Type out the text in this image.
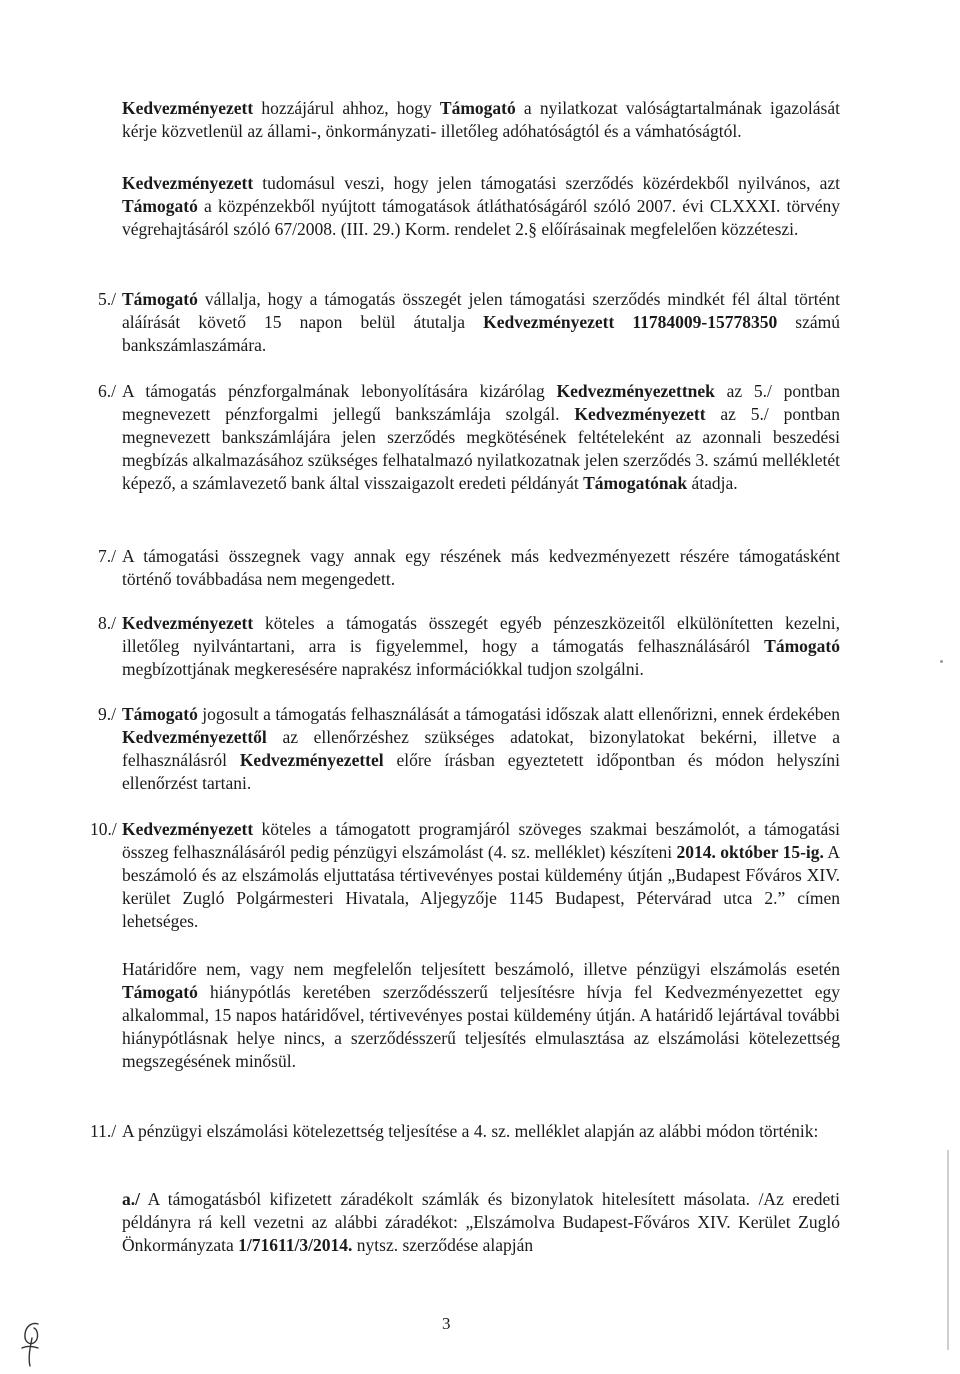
Kedvezményezett hozzájárul ahhoz, hogy Támogató a nyilatkozat valóságtartalmának igazolását kérje közvetlenül az állami-, önkormányzati- illetőleg adóhatóságtól és a vámhatóságtól.

Kedvezményezett tudomásul veszi, hogy jelen támogatási szerződés közérdekből nyilvános, azt Támogató a közpénzekből nyújtott támogatások átláthatóságáról szóló 2007. évi CLXXXI. törvény végrehajtásáról szóló 67/2008. (III. 29.) Korm. rendelet 2.§ előírásainak megfelelően közzéteszi.

5./ Támogató vállalja, hogy a támogatás összegét jelen támogatási szerződés mindkét fél által történt aláírását követő 15 napon belül átutalja Kedvezményezett 11784009-15778350 számú bankszámlaszámára.

6./ A támogatás pénzforgalmának lebonyolítására kizárólag Kedvezményezettnek az 5./ pontban megnevezett pénzforgalmi jellegű bankszámlája szolgál. Kedvezményezett az 5./ pontban megnevezett bankszámlájára jelen szerződés megkötésének feltételeként az azonnali beszedési megbízás alkalmazásához szükséges felhatalmazó nyilatkozatnak jelen szerződés 3. számú mellékletét képező, a számlavezető bank által visszaigazolt eredeti példányát Támogatónak átadja.

7./ A támogatási összegnek vagy annak egy részének más kedvezményezett részére támogatásként történő továbbadása nem megengedett.

8./ Kedvezményezett köteles a támogatás összegét egyéb pénzeszközeitől elkülönítetten kezelni, illetőleg nyilvántartani, arra is figyelemmel, hogy a támogatás felhasználásáról Támogató megbízottjának megkeresésére naprakész információkkal tudjon szolgálni.

9./ Támogató jogosult a támogatás felhasználását a támogatási időszak alatt ellenőrizni, ennek érdekében Kedvezményezettől az ellenőrzéshez szükséges adatokat, bizonylatokat bekérni, illetve a felhasználásról Kedvezményezettel előre írásban egyeztetett időpontban és módon helyszíni ellenőrzést tartani.

10./ Kedvezményezett köteles a támogatott programjáról szöveges szakmai beszámolót, a támogatási összeg felhasználásáról pedig pénzügyi elszámolást (4. sz. melléklet) készíteni 2014. október 15-ig. A beszámoló és az elszámolás eljuttatása tértivevényes postai küldemény útján „Budapest Főváros XIV. kerület Zugló Polgármesteri Hivatala, Aljegyzője 1145 Budapest, Pétervárad utca 2.” címen lehetséges.

Határidőre nem, vagy nem megfelelőn teljesített beszámoló, illetve pénzügyi elszámolás esetén Támogató hiánypótlás keretében szerződésszerű teljesítésre hívja fel Kedvezményezettet egy alkalommal, 15 napos határidővel, tértivevényes postai küldemény útján. A határidő lejártával további hiánypótlásnak helye nincs, a szerződésszerű teljesítés elmulasztása az elszámolási kötelezettség megszegésének minősül.

11./ A pénzügyi elszámolási kötelezettség teljesítése a 4. sz. melléklet alapján az alábbi módon történik:

a./ A támogatásból kifizetett záradékolt számlák és bizonylatok hitelesített másolata. /Az eredeti példányra rá kell vezetni az alábbi záradékot: „Elszámolva Budapest-Főváros XIV. Kerület Zugló Önkormányzata 1/71611/3/2014. nytsz. szerződése alapján

3
